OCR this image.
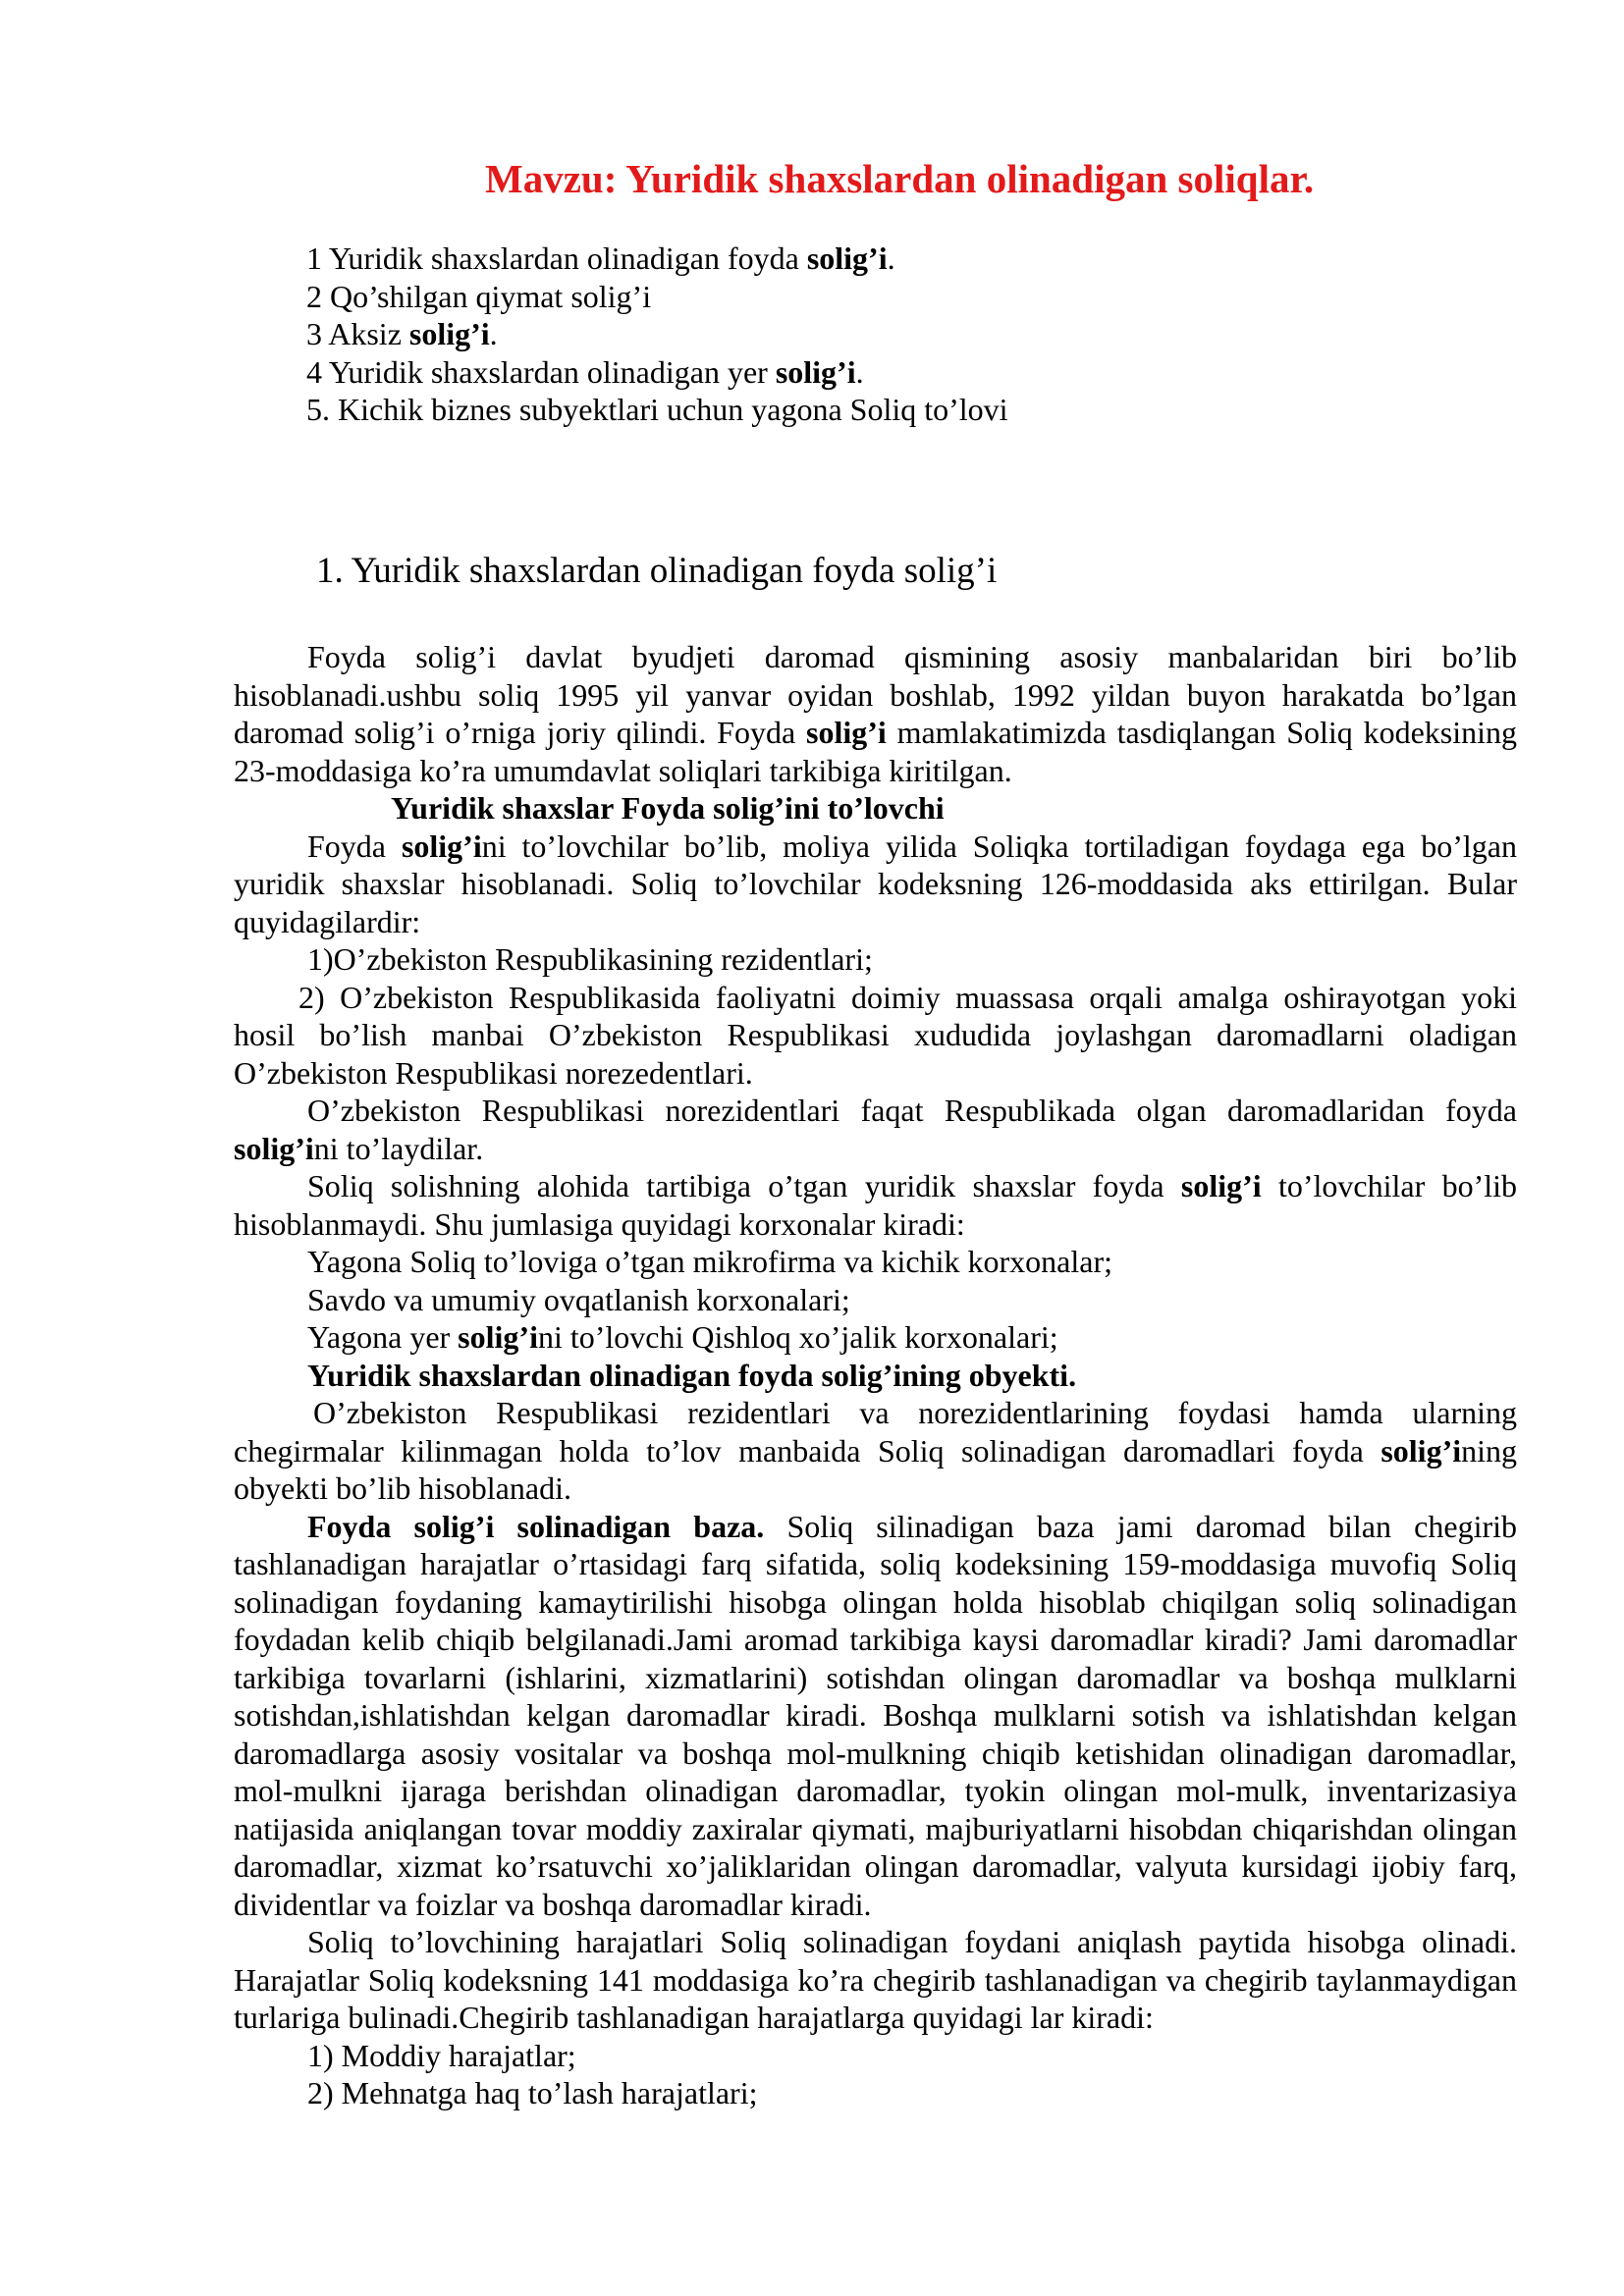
Mavzu: Yuridik shaxslardan olinadigan soliqlar.
1 Yuridik shaxslardan olinadigan foyda solig’i.
2 Qo’shilgan qiymat solig’i
3 Aksiz solig’i.
4 Yuridik shaxslardan olinadigan yer solig’i.
5. Kichik biznes subyektlari uchun yagona Soliq to’lovi
1. Yuridik shaxslardan olinadigan foyda solig’i

Foyda solig’i davlat byudjeti daromad qismining asosiy manbalaridan biri bo’lib hisoblanadi.ushbu soliq 1995 yil yanvar oyidan boshlab, 1992 yildan buyon harakatda bo’lgan daromad solig’i o’rniga joriy qilindi. Foyda solig’i mamlakatimizda tasdiqlangan Soliq kodeksining 23-moddasiga ko’ra umumdavlat soliqlari tarkibiga kiritilgan.

Yuridik shaxslar Foyda solig’ini to’lovchi

Foyda solig’ini to’lovchilar bo’lib, moliya yilida Soliqka tortiladigan foydaga ega bo’lgan yuridik shaxslar hisoblanadi. Soliq to’lovchilar kodeksning 126-moddasida aks ettirilgan. Bular quyidagilardir:

1)O’zbekiston Respublikasining rezidentlari;

2) O’zbekiston Respublikasida faoliyatni doimiy muassasa orqali amalga oshirayotgan yoki hosil bo’lish manbai O’zbekiston Respublikasi xududida joylashgan daromadlarni oladigan O’zbekiston Respublikasi norezedentlari.

O’zbekiston Respublikasi norezidentlari faqat Respublikada olgan daromadlaridan foyda solig’ini to’laydilar.

Soliq solishning alohida tartibiga o’tgan yuridik shaxslar foyda solig’i to’lovchilar bo’lib hisoblanmaydi. Shu jumlasiga quyidagi korxonalar kiradi:

Yagona Soliq to’loviga o’tgan mikrofirma va kichik korxonalar;

Savdo va umumiy ovqatlanish korxonalari;

Yagona yer solig’ini to’lovchi Qishloq xo’jalik korxonalari;

Yuridik shaxslardan olinadigan foyda solig’ining obyekti.

O’zbekiston Respublikasi rezidentlari va norezidentlarining foydasi hamda ularning chegirmalar kilinmagan holda to’lov manbaida Soliq solinadigan daromadlari foyda solig’ining obyekti bo’lib hisoblanadi.

Foyda solig’i solinadigan baza. Soliq silinadigan baza jami daromad bilan chegirib tashlanadigan harajatlar o’rtasidagi farq sifatida, soliq kodeksining 159-moddasiga muvofiq Soliq solinadigan foydaning kamaytirilishi hisobga olingan holda hisoblab chiqilgan soliq solinadigan foydadan kelib chiqib belgilanadi.Jami aromad tarkibiga kaysi daromadlar kiradi? Jami daromadlar tarkibiga tovarlarni (ishlarini, xizmatlarini) sotishdan olingan daromadlar va boshqa mulklarni sotishdan,ishlatishdan kelgan daromadlar kiradi. Boshqa mulklarni sotish va ishlatishdan kelgan daromadlarga asosiy vositalar va boshqa mol-mulkning chiqib ketishidan olinadigan daromadlar, mol-mulkni ijaraga berishdan olinadigan daromadlar, tyokin olingan mol-mulk, inventarizasiya natijasida aniqlangan tovar moddiy zaxiralar qiymati, majburiyatlarni hisobdan chiqarishdan olingan daromadlar, xizmat ko’rsatuvchi xo’jaliklaridan olingan daromadlar, valyuta kursidagi ijobiy farq, dividentlar va foizlar va boshqa daromadlar kiradi.

Soliq to’lovchining harajatlari Soliq solinadigan foydani aniqlash paytida hisobga olinadi. Harajatlar Soliq kodeksning 141 moddasiga ko’ra chegirib tashlanadigan va chegirib taylanmaydigan turlariga bulinadi.Chegirib tashlanadigan harajatlarga quyidagi lar kiradi:

1) Moddiy harajatlar;

2) Mehnatga haq to’lash harajatlari;
